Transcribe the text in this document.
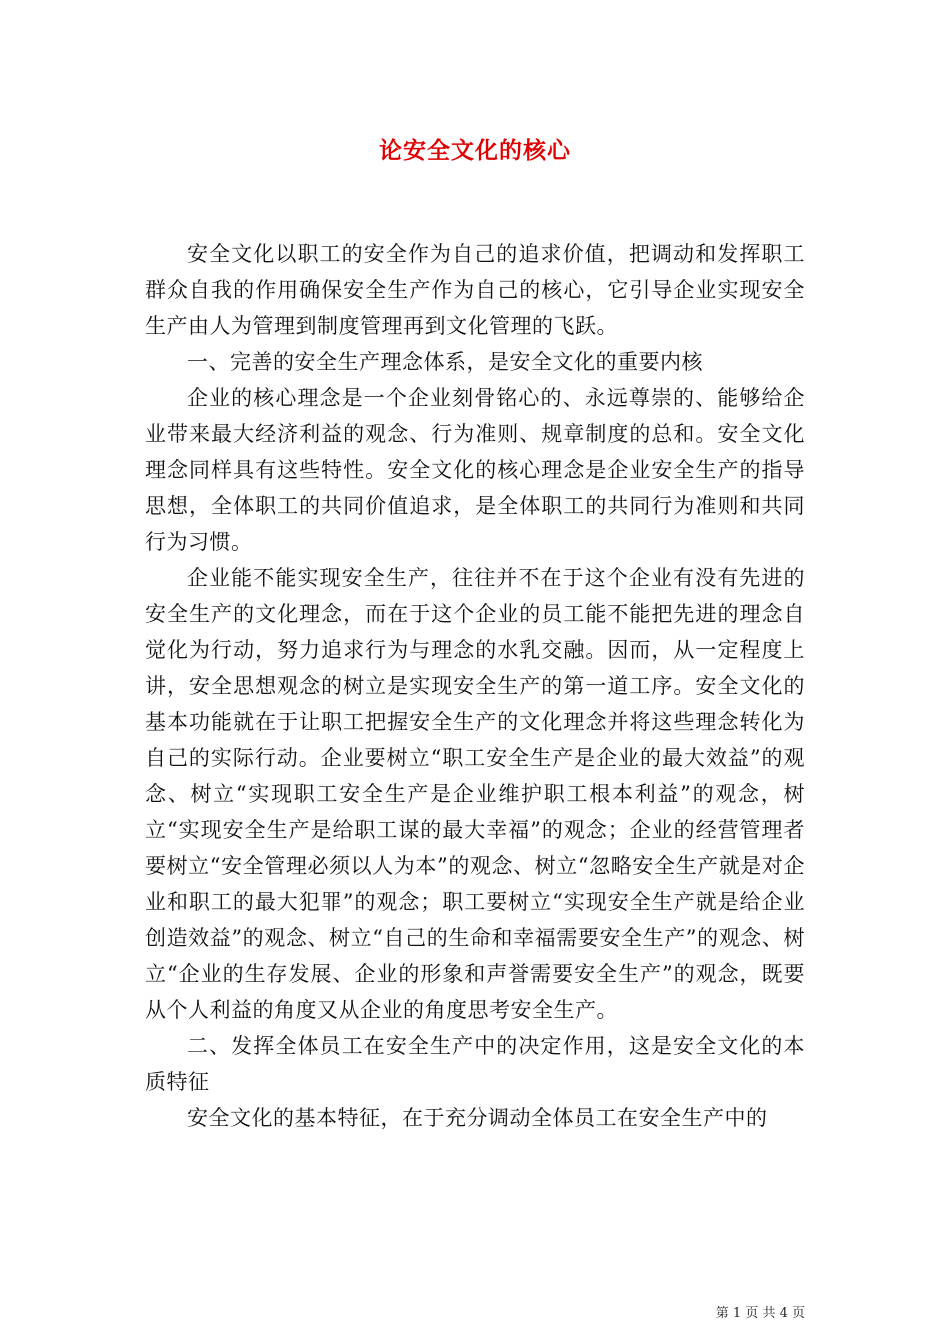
论安全文化的核心

安全文化以职工的安全作为自己的追求价值，把调动和发挥职工群众自我的作用确保安全生产作为自己的核心，它引导企业实现安全生产由人为管理到制度管理再到文化管理的飞跃。

一、完善的安全生产理念体系，是安全文化的重要内核

企业的核心理念是一个企业刻骨铭心的、永远尊崇的、能够给企业带来最大经济利益的观念、行为准则、规章制度的总和。安全文化理念同样具有这些特性。安全文化的核心理念是企业安全生产的指导思想，全体职工的共同价值追求，是全体职工的共同行为准则和共同行为习惯。

企业能不能实现安全生产，往往并不在于这个企业有没有先进的安全生产的文化理念，而在于这个企业的员工能不能把先进的理念自觉化为行动，努力追求行为与理念的水乳交融。因而，从一定程度上讲，安全思想观念的树立是实现安全生产的第一道工序。安全文化的基本功能就在于让职工把握安全生产的文化理念并将这些理念转化为自己的实际行动。企业要树立“职工安全生产是企业的最大效益”的观念、树立“实现职工安全生产是企业维护职工根本利益”的观念，树立“实现安全生产是给职工谋的最大幸福”的观念；企业的经营管理者要树立“安全管理必须以人为本”的观念、树立“忽略安全生产就是对企业和职工的最大犯罪”的观念；职工要树立“实现安全生产就是给企业创造效益”的观念、树立“自己的生命和幸福需要安全生产”的观念、树立“企业的生存发展、企业的形象和声誉需要安全生产”的观念，既要从个人利益的角度又从企业的角度思考安全生产。

二、发挥全体员工在安全生产中的决定作用，这是安全文化的本质特征

安全文化的基本特征，在于充分调动全体员工在安全生产中的

第 1 页 共 4 页
